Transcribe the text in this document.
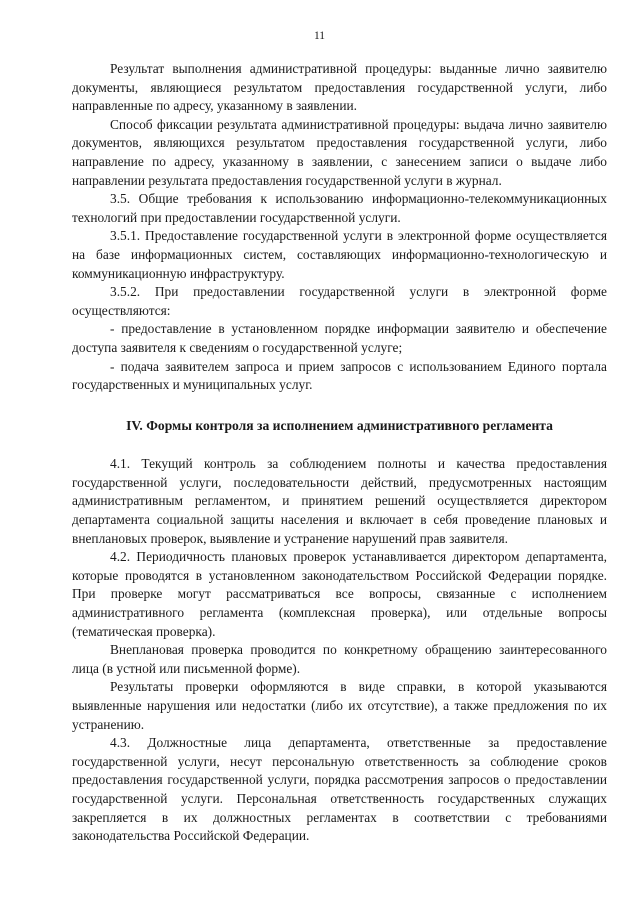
11

Результат выполнения административной процедуры: выданные лично заявителю документы, являющиеся результатом предоставления государственной услуги, либо направленные по адресу, указанному в заявлении.

Способ фиксации результата административной процедуры: выдача лично заявителю документов, являющихся результатом предоставления государственной услуги, либо направление по адресу, указанному в заявлении, с занесением записи о выдаче либо направлении результата предоставления государственной услуги в журнал.

3.5. Общие требования к использованию информационно-телекоммуникационных технологий при предоставлении государственной услуги.

3.5.1. Предоставление государственной услуги в электронной форме осуществляется на базе информационных систем, составляющих информационно-технологическую и коммуникационную инфраструктуру.

3.5.2. При предоставлении государственной услуги в электронной форме осуществляются:

- предоставление в установленном порядке информации заявителю и обеспечение доступа заявителя к сведениям о государственной услуге;

- подача заявителем запроса и прием запросов с использованием Единого портала государственных и муниципальных услуг.

IV. Формы контроля за исполнением административного регламента

4.1. Текущий контроль за соблюдением полноты и качества предоставления государственной услуги, последовательности действий, предусмотренных настоящим административным регламентом, и принятием решений осуществляется директором департамента социальной защиты населения и включает в себя проведение плановых и внеплановых проверок, выявление и устранение нарушений прав заявителя.

4.2. Периодичность плановых проверок устанавливается директором департамента, которые проводятся в установленном законодательством Российской Федерации порядке. При проверке могут рассматриваться все вопросы, связанные с исполнением административного регламента (комплексная проверка), или отдельные вопросы (тематическая проверка).

Внеплановая проверка проводится по конкретному обращению заинтересованного лица (в устной или письменной форме).

Результаты проверки оформляются в виде справки, в которой указываются выявленные нарушения или недостатки (либо их отсутствие), а также предложения по их устранению.

4.3. Должностные лица департамента, ответственные за предоставление государственной услуги, несут персональную ответственность за соблюдение сроков предоставления государственной услуги, порядка рассмотрения запросов о предоставлении государственной услуги. Персональная ответственность государственных служащих закрепляется в их должностных регламентах в соответствии с требованиями законодательства Российской Федерации.
